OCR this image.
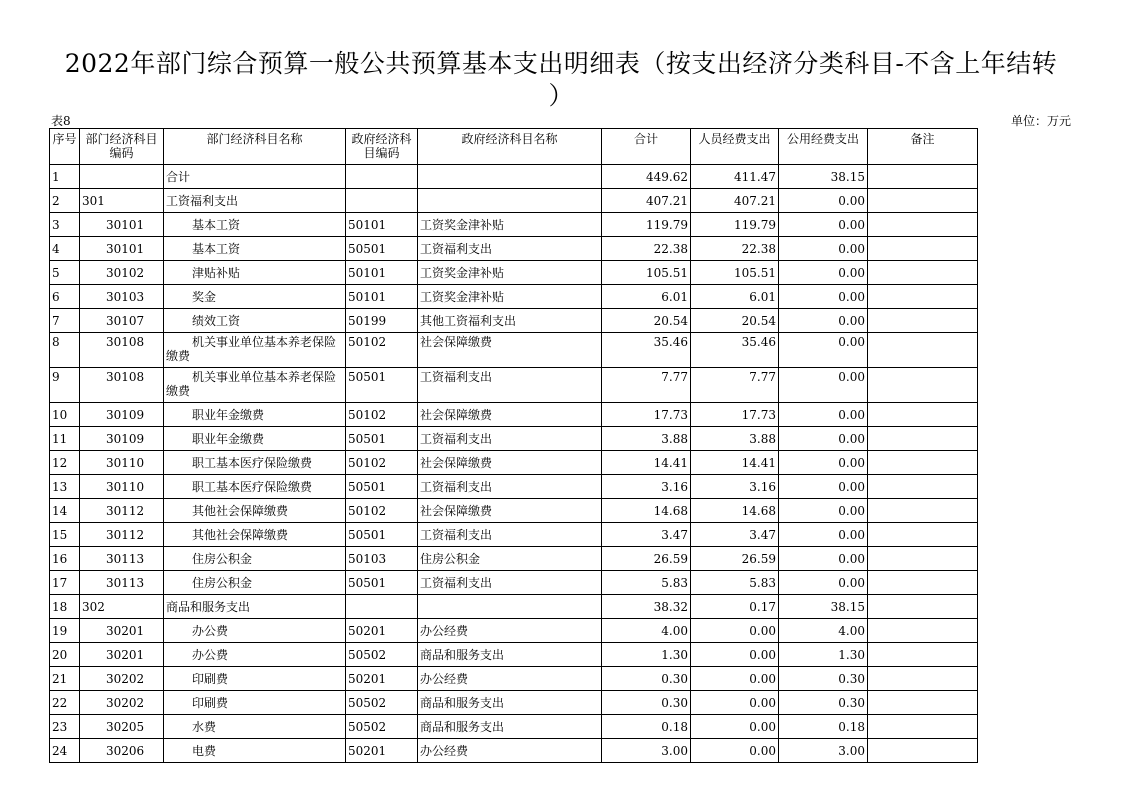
2022年部门综合预算一般公共预算基本支出明细表（按支出经济分类科目-不含上年结转
）
表8	单位：万元
序号	部门经济科目编码	部门经济科目名称	政府经济科目编码	政府经济科目名称	合计	人员经费支出	公用经费支出	备注
1		合计			449.62	411.47	38.15	
2	301	工资福利支出			407.21	407.21	0.00	
3	30101	基本工资	50101	工资奖金津补贴	119.79	119.79	0.00	
4	30101	基本工资	50501	工资福利支出	22.38	22.38	0.00	
5	30102	津贴补贴	50101	工资奖金津补贴	105.51	105.51	0.00	
6	30103	奖金	50101	工资奖金津补贴	6.01	6.01	0.00	
7	30107	绩效工资	50199	其他工资福利支出	20.54	20.54	0.00	
8	30108	机关事业单位基本养老保险缴费	50102	社会保障缴费	35.46	35.46	0.00	
9	30108	机关事业单位基本养老保险缴费	50501	工资福利支出	7.77	7.77	0.00	
10	30109	职业年金缴费	50102	社会保障缴费	17.73	17.73	0.00	
11	30109	职业年金缴费	50501	工资福利支出	3.88	3.88	0.00	
12	30110	职工基本医疗保险缴费	50102	社会保障缴费	14.41	14.41	0.00	
13	30110	职工基本医疗保险缴费	50501	工资福利支出	3.16	3.16	0.00	
14	30112	其他社会保障缴费	50102	社会保障缴费	14.68	14.68	0.00	
15	30112	其他社会保障缴费	50501	工资福利支出	3.47	3.47	0.00	
16	30113	住房公积金	50103	住房公积金	26.59	26.59	0.00	
17	30113	住房公积金	50501	工资福利支出	5.83	5.83	0.00	
18	302	商品和服务支出			38.32	0.17	38.15	
19	30201	办公费	50201	办公经费	4.00	0.00	4.00	
20	30201	办公费	50502	商品和服务支出	1.30	0.00	1.30	
21	30202	印刷费	50201	办公经费	0.30	0.00	0.30	
22	30202	印刷费	50502	商品和服务支出	0.30	0.00	0.30	
23	30205	水费	50502	商品和服务支出	0.18	0.00	0.18	
24	30206	电费	50201	办公经费	3.00	0.00	3.00	
